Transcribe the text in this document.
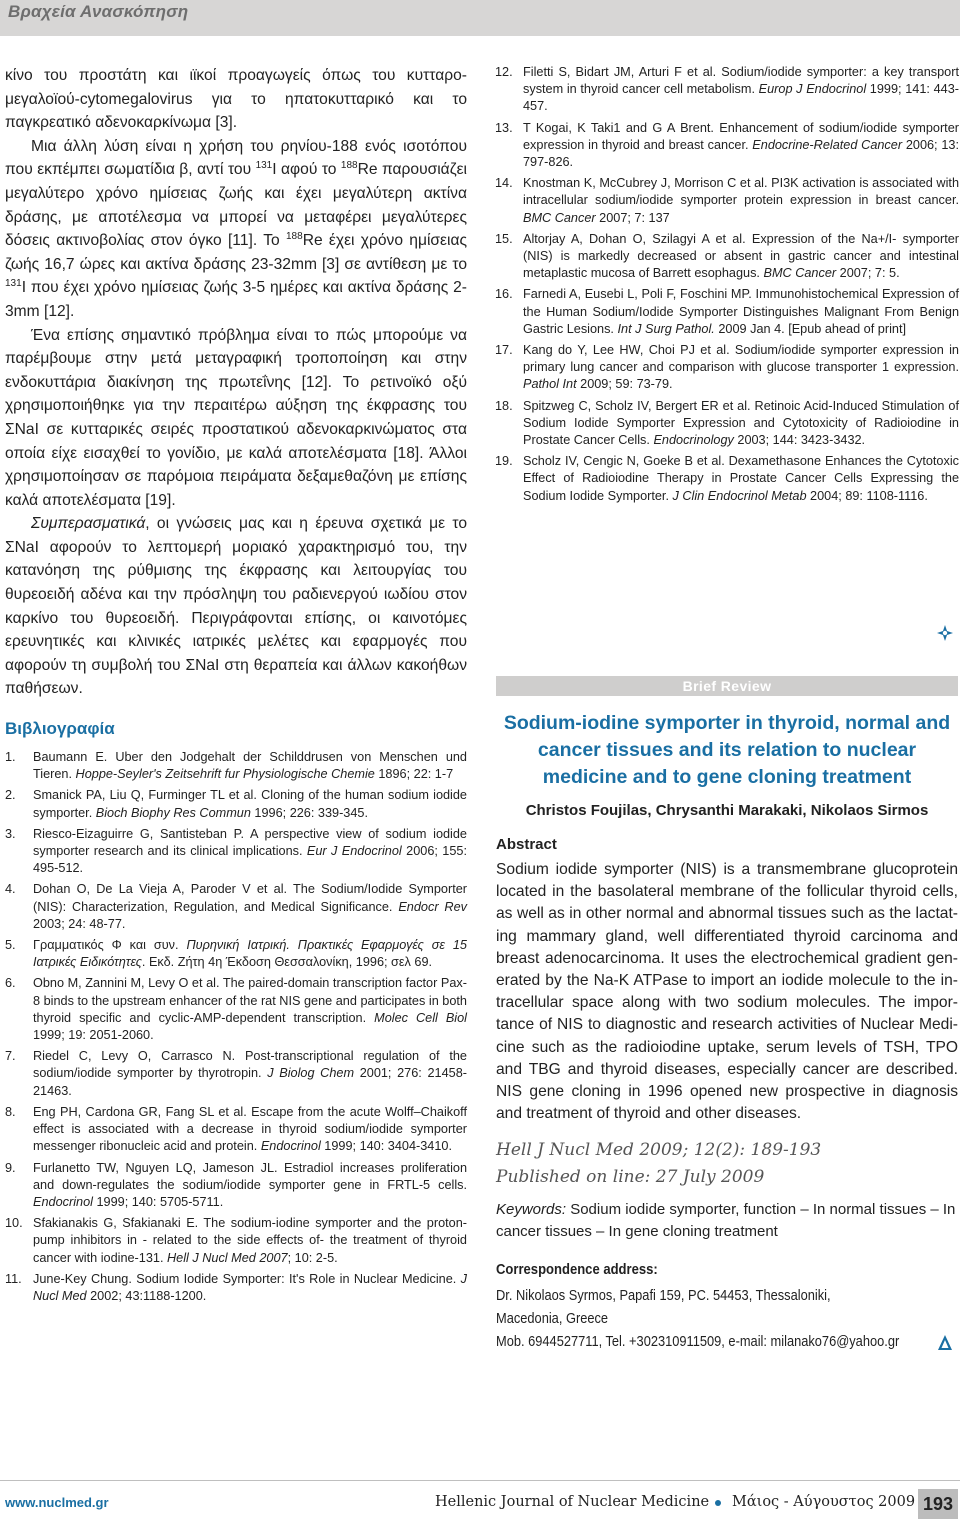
Βραχεία Ανασκόπηση

κίνο του προστάτη και ιϊκοί προαγωγείς όπως του κυτταρομεγαλοϊού-cytomegalovirus για το ηπατοκυτταρικό και το παγκρεατικό αδενοκαρκίνωμα [3].

Μια άλλη λύση είναι η χρήση του ρηνίου-188 ενός ισοτόπου που εκπέμπει σωματίδια β, αντί του $^{131}$I αφού το $^{188}$Re παρουσιάζει μεγαλύτερο χρόνο ημίσειας ζωής και έχει μεγαλύτερη ακτίνα δράσης, με αποτέλεσμα να μπορεί να μεταφέρει μεγαλύτερες δόσεις ακτινοβολίας στον όγκο [11]. Το $^{188}$Re έχει χρόνο ημίσειας ζωής 16,7 ώρες και ακτίνα δράσης 23-32mm [3] σε αντίθεση με το $^{131}$I που έχει χρόνο ημίσειας ζωής 3-5 ημέρες και ακτίνα δράσης 2-3mm [12].

Ένα επίσης σημαντικό πρόβλημα είναι το πώς μπορούμε να παρέμβουμε στην μετά μεταγραφική τροποποίηση και στην ενδοκυττάρια διακίνηση της πρωτεΐνης [12]. Το ρετινοϊκό οξύ χρησιμοποιήθηκε για την περαιτέρω αύξηση της έκφρασης του ΣΝaI σε κυτταρικές σειρές προστατικού αδενοκαρκινώματος στα οποία είχε εισαχθεί το γονίδιο, με καλά αποτελέσματα [18]. Άλλοι χρησιμοποίησαν σε παρόμοια πειράματα δεξαμεθαζόνη με επίσης καλά αποτελέσματα [19].

Συμπερασματικά, οι γνώσεις μας και η έρευνα σχετικά με το ΣΝaI αφορούν το λεπτομερή μοριακό χαρακτηρισμό του, την κατανόηση της ρύθμισης της έκφρασης και λειτουργίας του θυρεοειδή αδένα και την πρόσληψη του ραδιενεργού ιωδίου στον καρκίνο του θυρεοειδή. Περιγράφονται επίσης, οι καινοτόμες ερευνητικές και κλινικές ιατρικές μελέτες και εφαρμογές που αφορούν τη συμβολή του ΣΝaI στη θεραπεία και άλλων κακοήθων παθήσεων.

Βιβλιογραφία
1. Baumann E. Uber den Jodgehalt der Schilddrusen von Menschen und Tieren. Hoppe-Seyler's Zeitsehrift fur Physiologische Chemie 1896; 22: 1-7
2. Smanick PA, Liu Q, Furminger TL et al. Cloning of the human sodium iodide symporter. Bioch Biophy Res Commun 1996; 226: 339-345.
3. Riesco-Eizaguirre G, Santisteban P. A perspective view of sodium iodide symporter research and its clinical implications. Eur J Endocrinol 2006; 155: 495-512.
4. Dohan O, De La Vieja A, Paroder V et al. The Sodium/Iodide Symporter (NIS): Characterization, Regulation, and Medical Significance. Endocr Rev 2003; 24: 48-77.
5. Γραμματικός Φ και συν. Πυρηνική Ιατρική. Πρακτικές Εφαρμογές σε 15 Ιατρικές Ειδικότητες. Εκδ. Ζήτη 4η Έκδοση Θεσσαλονίκη, 1996; σελ 69.
6. Obno M, Zannini M, Levy O et al. The paired-domain transcription factor Pax-8 binds to the upstream enhancer of the rat NIS gene and participates in both thyroid specific and cyclic-AMP-dependent transcription. Molec Cell Biol 1999; 19: 2051-2060.
7. Riedel C, Levy O, Carrasco N. Post-transcriptional regulation of the sodium/iodide symporter by thyrotropin. J Biolog Chem 2001; 276: 21458-21463.
8. Eng PH, Cardona GR, Fang SL et al. Escape from the acute Wolff–Chaikoff effect is associated with a decrease in thyroid sodium/iodide symporter messenger ribonucleic acid and protein. Endocrinol 1999; 140: 3404-3410.
9. Furlanetto TW, Nguyen LQ, Jameson JL. Estradiol increases proliferation and down-regulates the sodium/iodide symporter gene in FRTL-5 cells. Endocrinol 1999; 140: 5705-5711.
10. Sfakianakis G, Sfakianaki E. The sodium-iodine symporter and the proton-pump inhibitors in - related to the side effects of- the treatment of thyroid cancer with iodine-131. Hell J Nucl Med 2007; 10: 2-5.
11. June-Key Chung. Sodium Iodide Symporter: It's Role in Nuclear Medicine. J Nucl Med 2002; 43:1188-1200.
12. Filetti S, Bidart JM, Arturi F et al. Sodium/iodide symporter: a key transport system in thyroid cancer cell metabolism. Europ J Endocrinol 1999; 141: 443-457.
13. T Kogai, K Taki1 and G A Brent. Enhancement of sodium/iodide symporter expression in thyroid and breast cancer. Endocrine-Related Cancer 2006; 13: 797-826.
14. Knostman K, McCubrey J, Morrison C et al. PI3K activation is associated with intracellular sodium/iodide symporter protein expression in breast cancer. BMC Cancer 2007; 7: 137
15. Altorjay A, Dohan O, Szilagyi A et al. Expression of the Na+/I- symporter (NIS) is markedly decreased or absent in gastric cancer and intestinal metaplastic mucosa of Barrett esophagus. BMC Cancer 2007; 7: 5.
16. Farnedi A, Eusebi L, Poli F, Foschini MP. Immunohistochemical Expression of the Human Sodium/Iodide Symporter Distinguishes Malignant From Benign Gastric Lesions. Int J Surg Pathol. 2009 Jan 4. [Epub ahead of print]
17. Kang do Y, Lee HW, Choi PJ et al. Sodium/iodide symporter expression in primary lung cancer and comparison with glucose transporter 1 expression. Pathol Int 2009; 59: 73-79.
18. Spitzweg C, Scholz IV, Bergert ER et al. Retinoic Acid-Induced Stimulation of Sodium Iodide Symporter Expression and Cytotoxicity of Radioiodine in Prostate Cancer Cells. Endocrinology 2003; 144: 3423-3432.
19. Scholz IV, Cengic N, Goeke B et al. Dexamethasone Enhances the Cytotoxic Effect of Radioiodine Therapy in Prostate Cancer Cells Expressing the Sodium Iodide Symporter. J Clin Endocrinol Metab 2004; 89: 1108-1116.
Brief Review
Sodium-iodine symporter in thyroid, normal and cancer tissues and its relation to nuclear medicine and to gene cloning treatment
Christos Foujilas, Chrysanthi Marakaki, Nikolaos Sirmos
Abstract

Sodium iodide symporter (NIS) is a transmembrane glucoprotein located in the basolateral membrane of the follicular thyroid cells, as well as in other normal and abnormal tissues such as the lactating mammary gland, well differentiated thyroid carcinoma and breast adenocarcinoma. It uses the electrochemical gradient generated by the Na-K ATPase to import an iodide molecule to the intracellular space along with two sodium molecules. The importance of NIS to diagnostic and research activities of Nuclear Medicine such as the radioiodine uptake, serum levels of TSH, TPO and TBG and thyroid diseases, especially cancer are described. NIS gene cloning in 1996 opened new prospective in diagnosis and treatment of thyroid and other diseases.

Hell J Nucl Med 2009; 12(2): 189-193
Published on line: 27 July 2009

Keywords: Sodium iodide symporter, function – In normal tissues – In cancer tissues – In gene cloning treatment

Correspondence address:
Dr. Nikolaos Syrmos, Papafi 159, PC. 54453, Thessaloniki,
Macedonia, Greece
Mob. 6944527711, Tel. +302310911509, e-mail: milanako76@yahoo.gr
www.nuclmed.gr	Hellenic Journal of Nuclear Medicine Μάιος - Αύγουστος 2009 193
